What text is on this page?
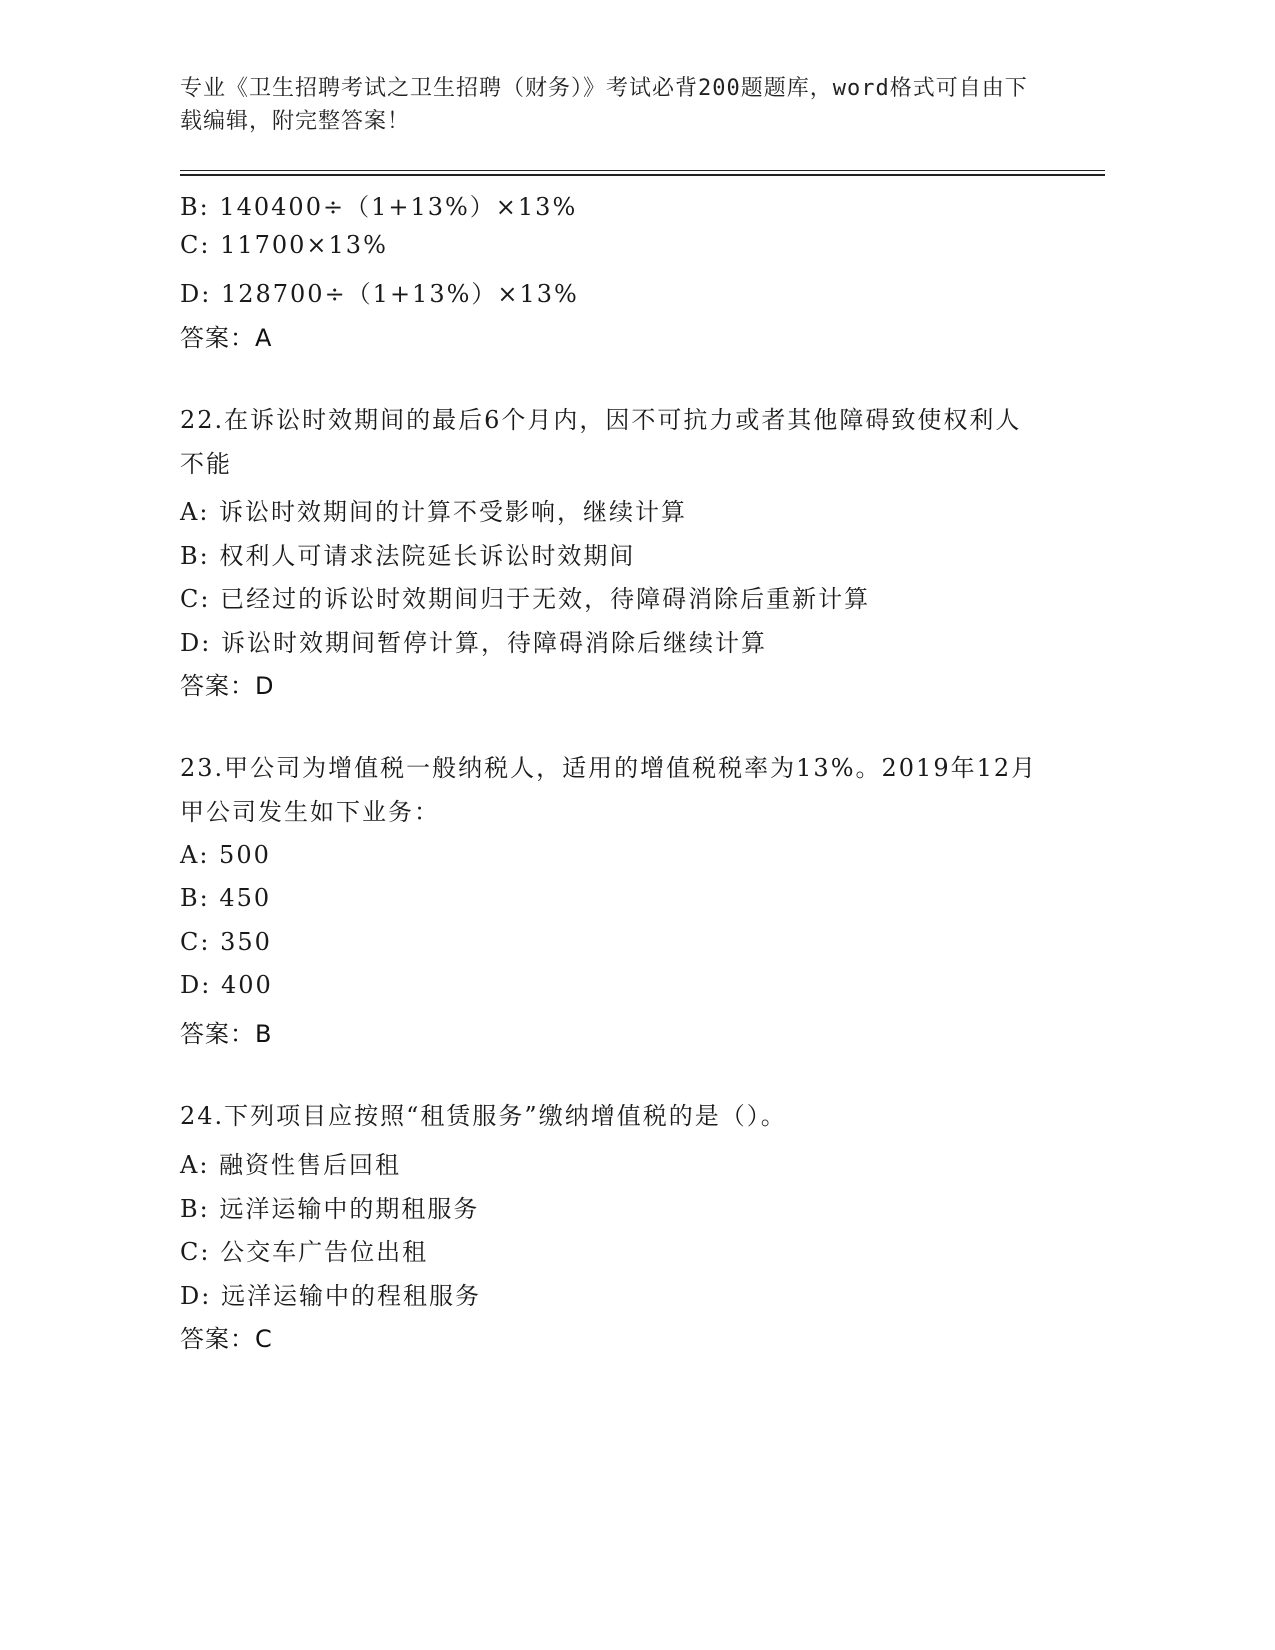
专业《卫生招聘考试之卫生招聘（财务）》考试必背200题题库，word格式可自由下载编辑，附完整答案！
B: 140400÷（1+13%）×13%
C: 11700×13%
D: 128700÷（1+13%）×13%
答案：A
22.在诉讼时效期间的最后6个月内，因不可抗力或者其他障碍致使权利人不能
A: 诉讼时效期间的计算不受影响，继续计算
B: 权利人可请求法院延长诉讼时效期间
C: 已经过的诉讼时效期间归于无效，待障碍消除后重新计算
D: 诉讼时效期间暂停计算，待障碍消除后继续计算
答案：D
23.甲公司为增值税一般纳税人，适用的增值税税率为13%。2019年12月甲公司发生如下业务：
A: 500
B: 450
C: 350
D: 400
答案：B
24.下列项目应按照“租赁服务”缴纳增值税的是（）。
A: 融资性售后回租
B: 远洋运输中的期租服务
C: 公交车广告位出租
D: 远洋运输中的程租服务
答案：C
